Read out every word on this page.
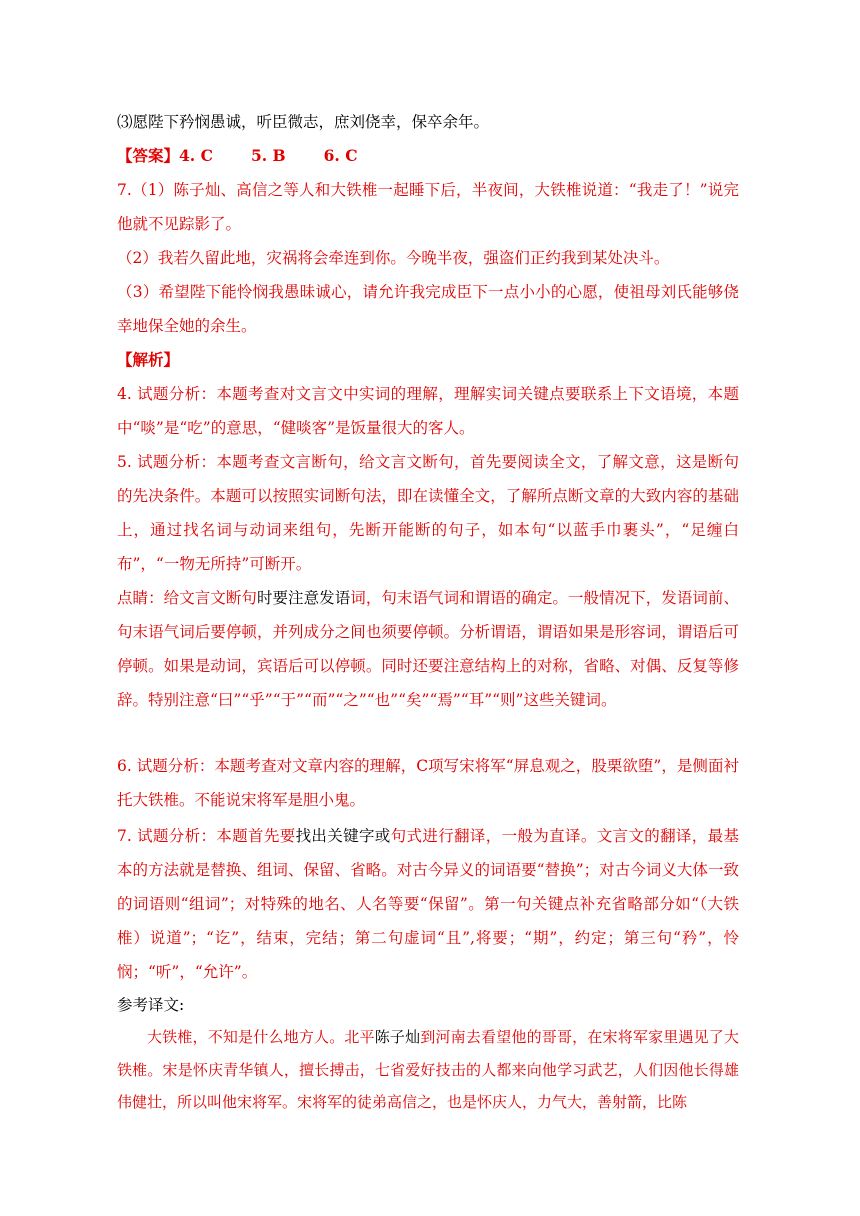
⑶愿陛下矜悯愚诚，听臣微志，庶刘侥幸，保卒余年。

【答案】4. C 5. B 6. C

7.（1）陈子灿、高信之等人和大铁椎一起睡下后，半夜间，大铁椎说道：“我走了！”说完他就不见踪影了。

（2）我若久留此地，灾祸将会牵连到你。今晚半夜，强盗们正约我到某处决斗。

（3）希望陛下能怜悯我愚昧诚心，请允许我完成臣下一点小小的心愿，使祖母刘氏能够侥幸地保全她的余生。

【解析】

4. 试题分析：本题考查对文言文中实词的理解，理解实词关键点要联系上下文语境，本题中“啖”是“吃”的意思，“健啖客”是饭量很大的客人。

5. 试题分析：本题考查文言断句，给文言文断句，首先要阅读全文，了解文意，这是断句的先决条件。本题可以按照实词断句法，即在读懂全文，了解所点断文章的大致内容的基础上，通过找名词与动词来组句，先断开能断的句子，如本句“以蓝手巾裹头”，“足缠白布”，“一物无所持”可断开。

点睛：给文言文断句时要注意发语词，句末语气词和谓语的确定。一般情况下，发语词前、句末语气词后要停顿，并列成分之间也须要停顿。分析谓语，谓语如果是形容词，谓语后可停顿。如果是动词，宾语后可以停顿。同时还要注意结构上的对称，省略、对偶、反复等修辞。特别注意“曰”“乎”“于”“而”“之”“也”“矣”“焉”“耳”“则”这些关键词。

6. 试题分析：本题考查对文章内容的理解，C项写宋将军“屏息观之，股栗欲堕”，是侧面衬托大铁椎。不能说宋将军是胆小鬼。

7. 试题分析：本题首先要找出关键字或句式进行翻译，一般为直译。文言文的翻译，最基本的方法就是替换、组词、保留、省略。对古今异义的词语要“替换”；对古今词义大体一致的词语则“组词”；对特殊的地名、人名等要“保留”。第一句关键点补充省略部分如“（大铁椎）说道”；“讫”，结束，完结；第二句虚词“且”,将要；“期”，约定；第三句“矜”，怜悯；“听”，“允许”。

参考译文:

大铁椎，不知是什么地方人。北平陈子灿到河南去看望他的哥哥，在宋将军家里遇见了大铁椎。宋是怀庆青华镇人，擅长搏击，七省爱好技击的人都来向他学习武艺，人们因他长得雄伟健壮，所以叫他宋将军。宋将军的徒弟高信之，也是怀庆人，力气大，善射箭，比陈
